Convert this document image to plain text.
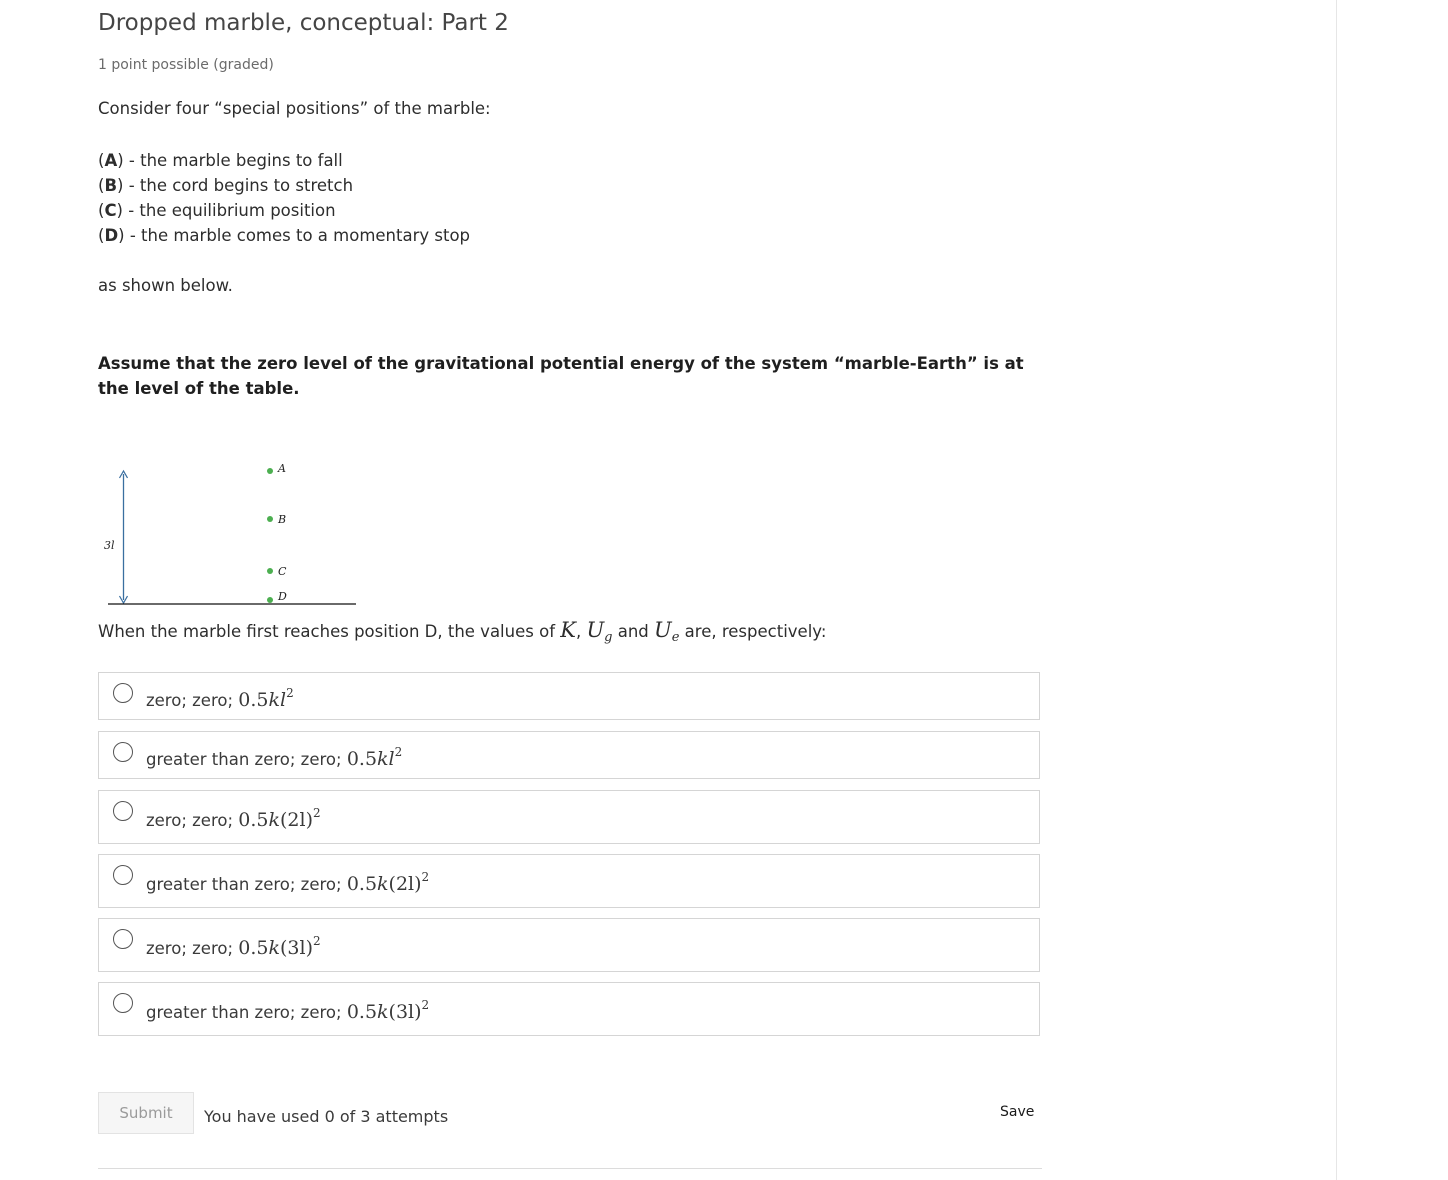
Dropped marble, conceptual: Part 2
1 point possible (graded)
Consider four “special positions” of the marble:
(A) - the marble begins to fall
(B) - the cord begins to stretch
(C) - the equilibrium position
(D) - the marble comes to a momentary stop
as shown below.
Assume that the zero level of the gravitational potential energy of the system “marble-Earth” is at the level of the table.
3l
A
B
C
D
When the marble first reaches position D, the values of K, $U_g$ and $U_e$ are, respectively:
zero; zero; $0.5kl^2$
greater than zero; zero; $0.5kl^2$
zero; zero; $0.5k(2l)^2$
greater than zero; zero; $0.5k(2l)^2$
zero; zero; $0.5k(3l)^2$
greater than zero; zero; $0.5k(3l)^2$
Submit	You have used 0 of 3 attempts	Save
